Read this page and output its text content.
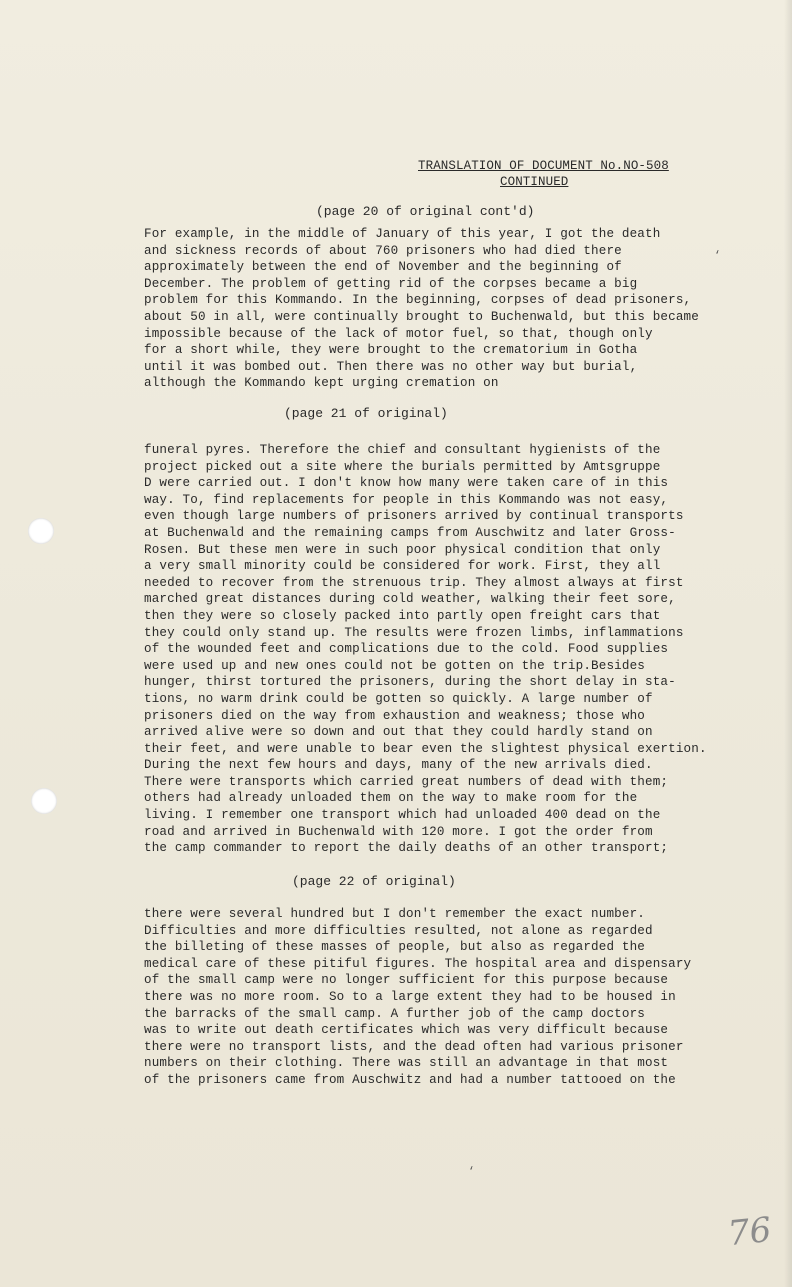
TRANSLATION OF DOCUMENT No.NO-508
CONTINUED
(page 20 of original cont'd)
For example, in the middle of January of this year, I got the death
and sickness records of about 760 prisoners who had died there
approximately between the end of November and the beginning of
December. The problem of getting rid of the corpses became a big
problem for this Kommando. In the beginning, corpses of dead prisoners,
about 50 in all, were continually brought to Buchenwald, but this became
impossible because of the lack of motor fuel, so that, though only
for a short while, they were brought to the crematorium in Gotha
until it was bombed out. Then there was no other way but burial,
although the Kommando kept urging cremation on
(page 21 of original)
funeral pyres. Therefore the chief and consultant hygienists of the
project picked out a site where the burials permitted by Amtsgruppe
D were carried out. I don't know how many were taken care of in this
way. To, find replacements for people in this Kommando was not easy,
even though large numbers of prisoners arrived by continual transports
at Buchenwald and the remaining camps from Auschwitz and later Gross-
Rosen. But these men were in such poor physical condition that only
a very small minority could be considered for work. First, they all
needed to recover from the strenuous trip. They almost always at first
marched great distances during cold weather, walking their feet sore,
then they were so closely packed into partly open freight cars that
they could only stand up. The results were frozen limbs, inflammations
of the wounded feet and complications due to the cold. Food supplies
were used up and new ones could not be gotten on the trip.Besides
hunger, thirst tortured the prisoners, during the short delay in sta-
tions, no warm drink could be gotten so quickly. A large number of
prisoners died on the way from exhaustion and weakness; those who
arrived alive were so down and out that they could hardly stand on
their feet, and were unable to bear even the slightest physical exertion.
During the next few hours and days, many of the new arrivals died.
There were transports which carried great numbers of dead with them;
others had already unloaded them on the way to make room for the
living. I remember one transport which had unloaded 400 dead on the
road and arrived in Buchenwald with 120 more. I got the order from
the camp commander to report the daily deaths of an other transport;
(page 22 of original)
there were several hundred but I don't remember the exact number.
Difficulties and more difficulties resulted, not alone as regarded
the billeting of these masses of people, but also as regarded the
medical care of these pitiful figures. The hospital area and dispensary
of the small camp were no longer sufficient for this purpose because
there was no more room. So to a large extent they had to be housed in
the barracks of the small camp. A further job of the camp doctors
was to write out death certificates which was very difficult because
there were no transport lists, and the dead often had various prisoner
numbers on their clothing. There was still an advantage in that most
of the prisoners came from Auschwitz and had a number tattooed on the
‘
‘
76
